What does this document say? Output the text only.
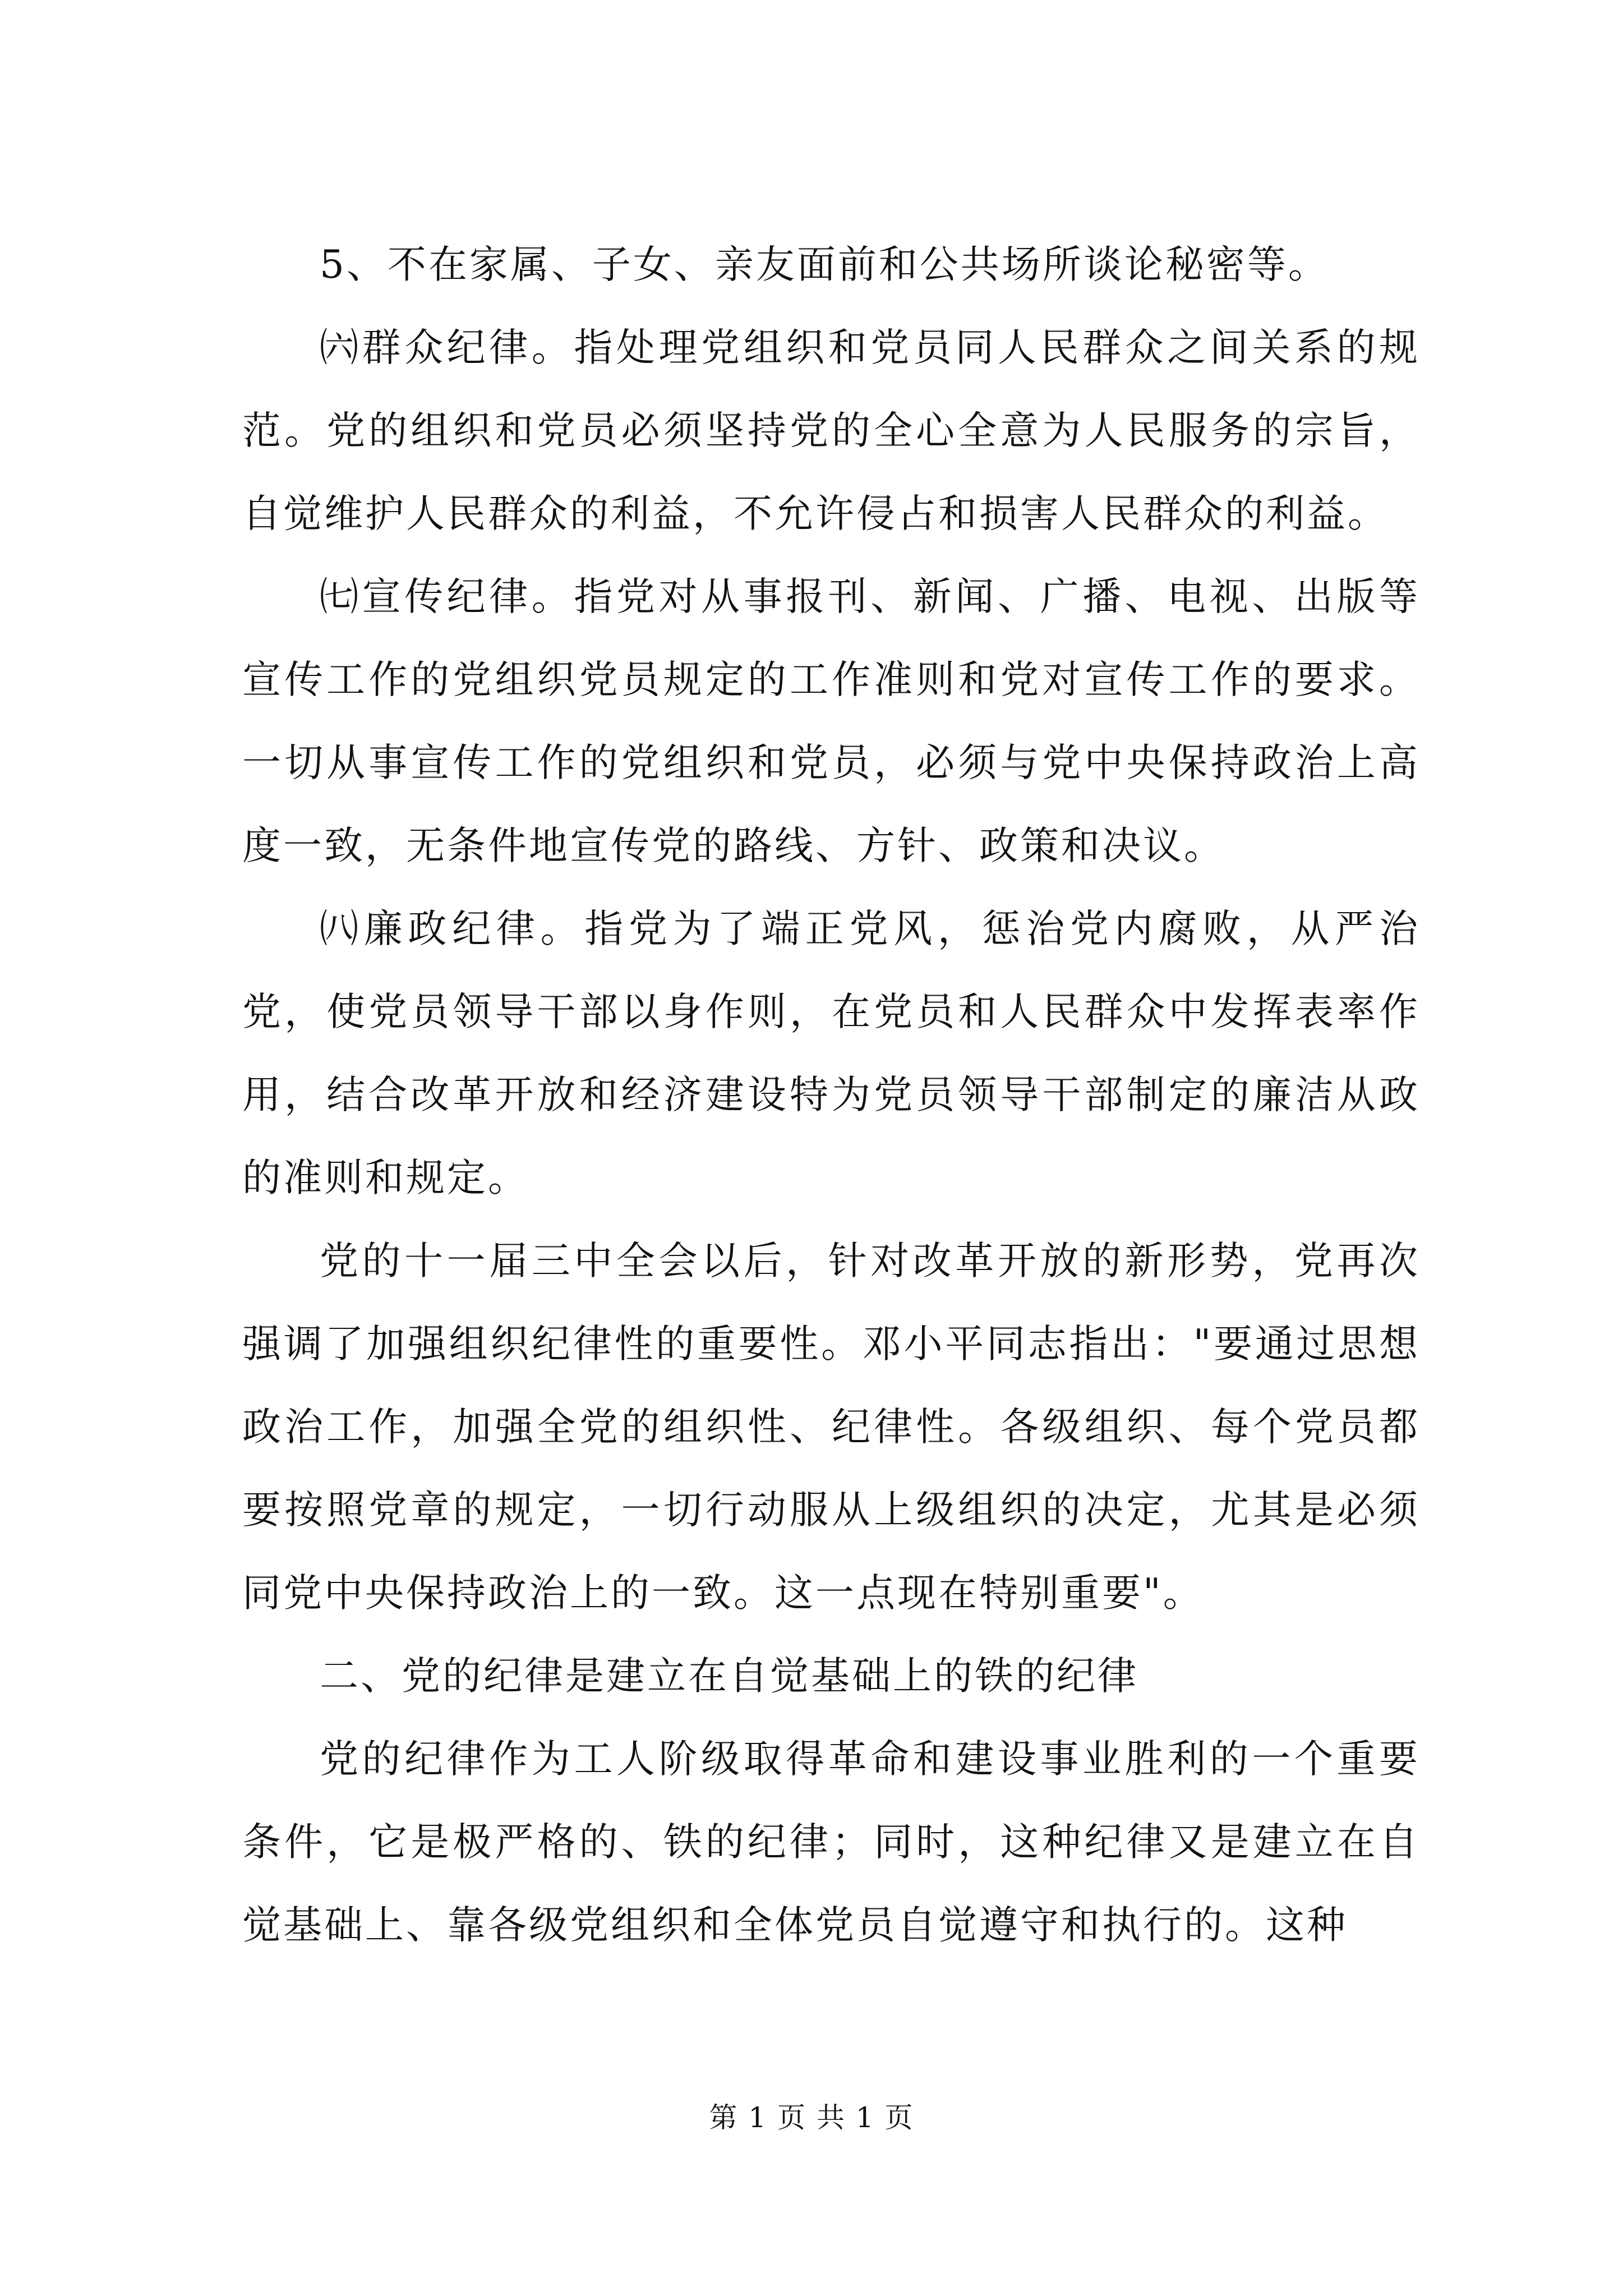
5、不在家属、子女、亲友面前和公共场所谈论秘密等。

㈥群众纪律。指处理党组织和党员同人民群众之间关系的规范。党的组织和党员必须坚持党的全心全意为人民服务的宗旨，自觉维护人民群众的利益，不允许侵占和损害人民群众的利益。

㈦宣传纪律。指党对从事报刊、新闻、广播、电视、出版等宣传工作的党组织党员规定的工作准则和党对宣传工作的要求。一切从事宣传工作的党组织和党员，必须与党中央保持政治上高度一致，无条件地宣传党的路线、方针、政策和决议。

㈧廉政纪律。指党为了端正党风，惩治党内腐败，从严治党，使党员领导干部以身作则，在党员和人民群众中发挥表率作用，结合改革开放和经济建设特为党员领导干部制定的廉洁从政的准则和规定。

党的十一届三中全会以后，针对改革开放的新形势，党再次强调了加强组织纪律性的重要性。邓小平同志指出："要通过思想政治工作，加强全党的组织性、纪律性。各级组织、每个党员都要按照党章的规定，一切行动服从上级组织的决定，尤其是必须同党中央保持政治上的一致。这一点现在特别重要"。

二、党的纪律是建立在自觉基础上的铁的纪律

党的纪律作为工人阶级取得革命和建设事业胜利的一个重要条件，它是极严格的、铁的纪律；同时，这种纪律又是建立在自觉基础上、靠各级党组织和全体党员自觉遵守和执行的。这种

第 1 页 共 1 页
